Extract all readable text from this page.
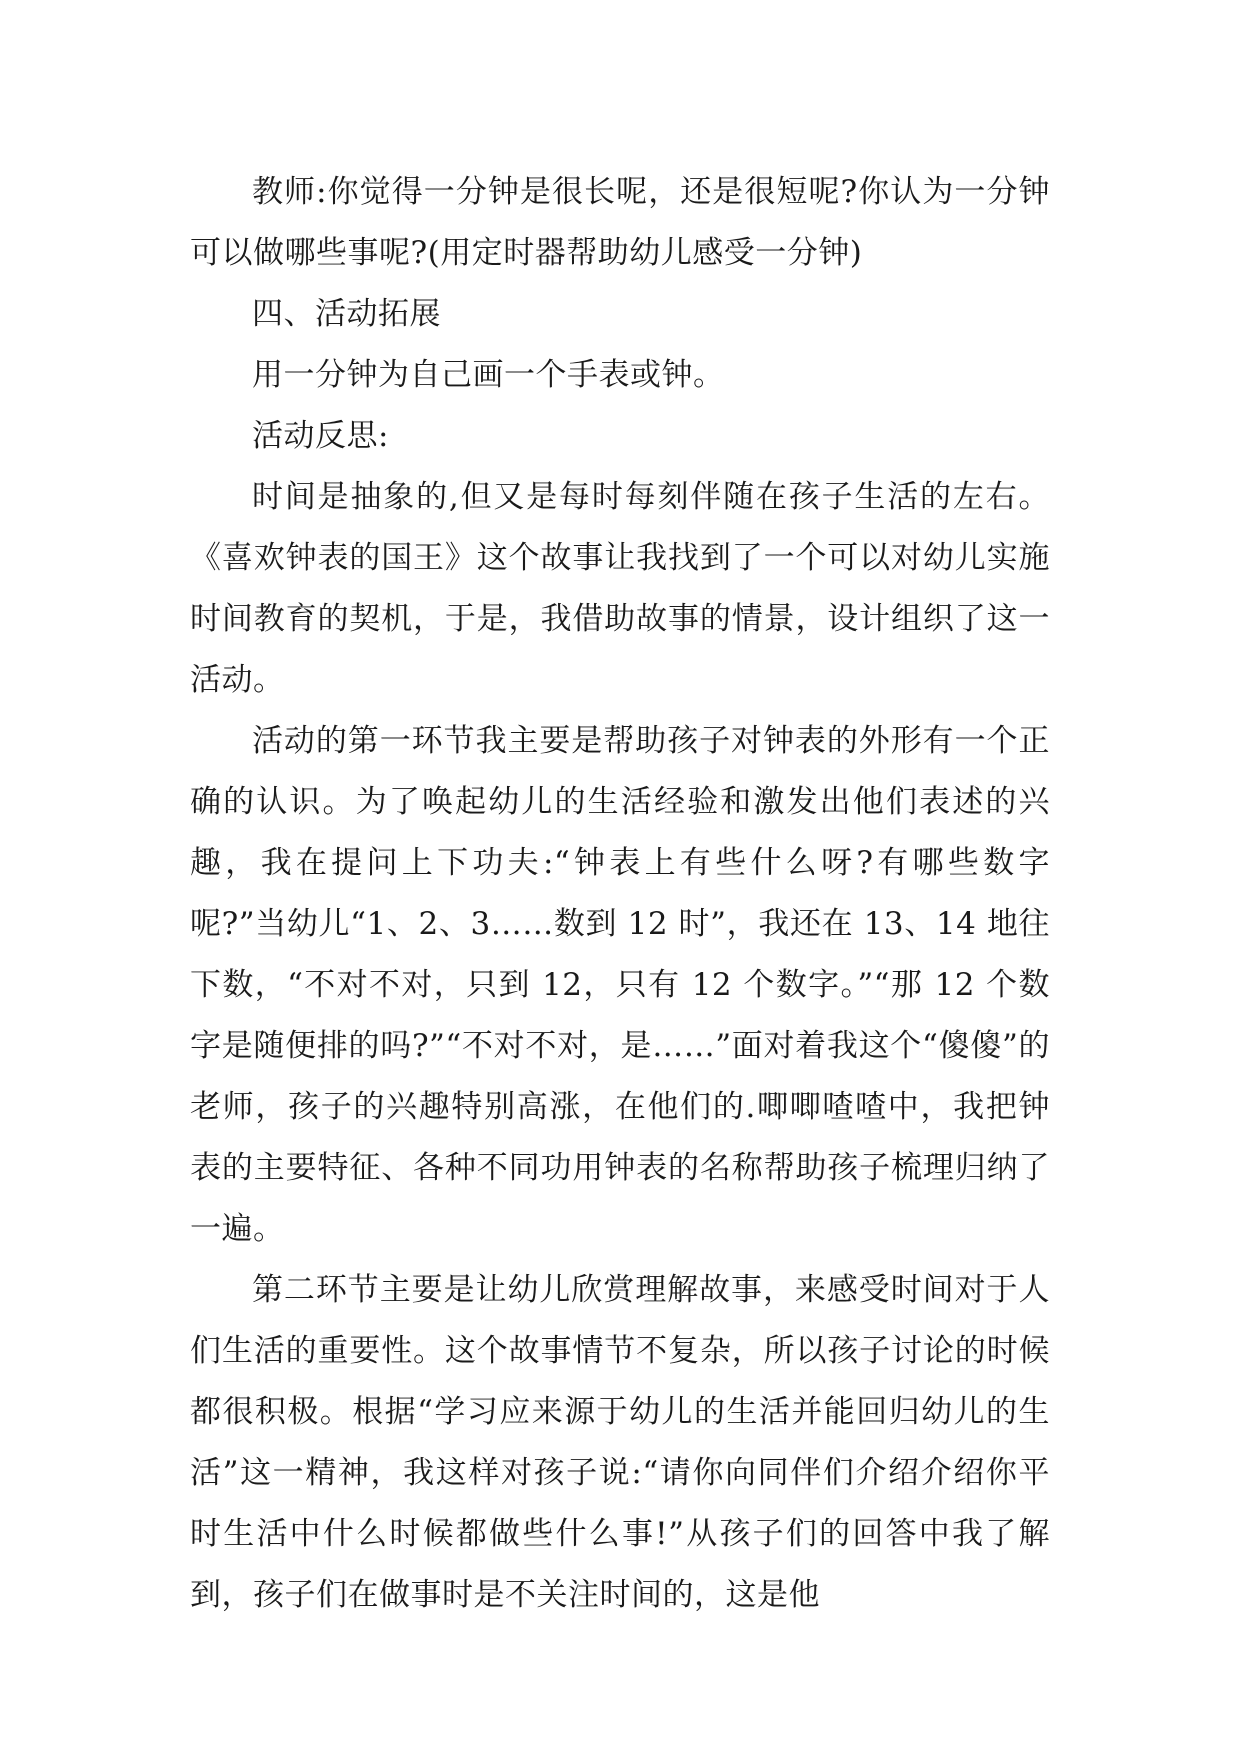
教师:你觉得一分钟是很长呢，还是很短呢?你认为一分钟可以做哪些事呢?(用定时器帮助幼儿感受一分钟)

四、活动拓展

用一分钟为自己画一个手表或钟。

活动反思:

时间是抽象的,但又是每时每刻伴随在孩子生活的左右。《喜欢钟表的国王》这个故事让我找到了一个可以对幼儿实施时间教育的契机，于是，我借助故事的情景，设计组织了这一活动。

活动的第一环节我主要是帮助孩子对钟表的外形有一个正确的认识。为了唤起幼儿的生活经验和激发出他们表述的兴趣，我在提问上下功夫:“钟表上有些什么呀?有哪些数字呢?”当幼儿“1、2、3……数到 12 时”，我还在 13、14 地往下数，“不对不对，只到 12，只有 12 个数字。”“那 12 个数字是随便排的吗?”“不对不对，是……”面对着我这个“傻傻”的老师，孩子的兴趣特别高涨，在他们的.唧唧喳喳中，我把钟表的主要特征、各种不同功用钟表的名称帮助孩子梳理归纳了一遍。

第二环节主要是让幼儿欣赏理解故事，来感受时间对于人们生活的重要性。这个故事情节不复杂，所以孩子讨论的时候都很积极。根据“学习应来源于幼儿的生活并能回归幼儿的生活”这一精神，我这样对孩子说:“请你向同伴们介绍介绍你平时生活中什么时候都做些什么事!”从孩子们的回答中我了解到，孩子们在做事时是不关注时间的，这是他
